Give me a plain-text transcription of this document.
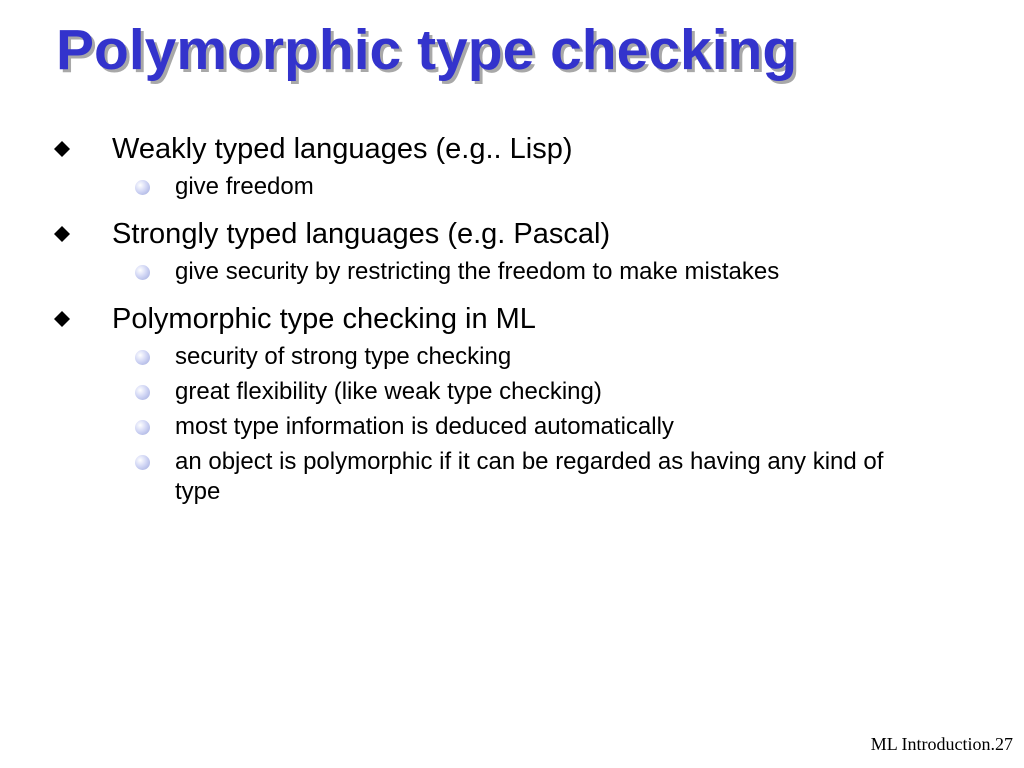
Polymorphic type checking
Weakly typed languages (e.g.. Lisp)
give freedom
Strongly typed languages (e.g. Pascal)
give security by restricting the freedom to make mistakes
Polymorphic type checking in ML
security of strong type checking
great flexibility (like weak type checking)
most type information is deduced automatically
an object is polymorphic if it can be regarded as having any kind of type
ML Introduction.27
